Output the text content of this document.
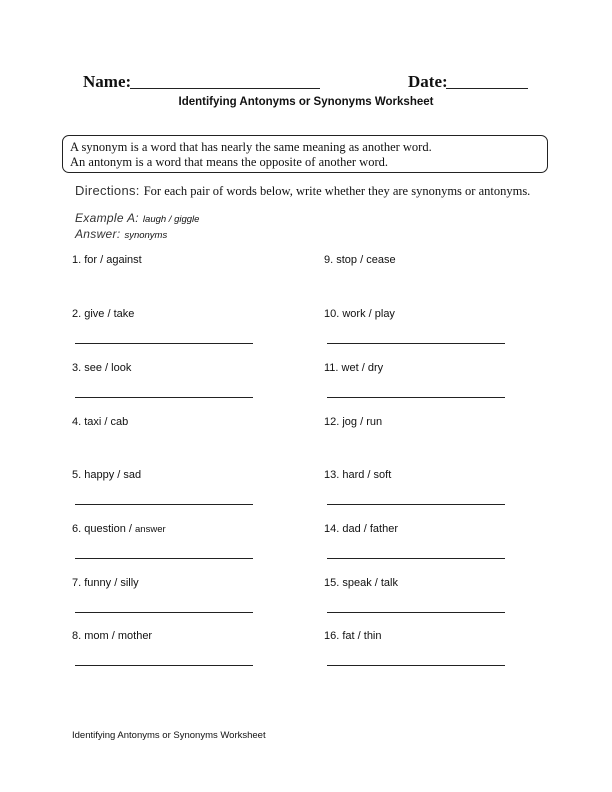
Name:	Date:
Identifying Antonyms or Synonyms Worksheet
A synonym is a word that has nearly the same meaning as another word.
An antonym is a word that means the opposite of another word.
Directions: For each pair of words below, write whether they are synonyms or antonyms.
Example A: laugh / giggle
Answer: synonyms
1. for / against
2. give / take
3. see / look
4. taxi / cab
5. happy / sad
6. question / answer
7. funny / silly
8. mom / mother
9. stop / cease
10. work / play
11. wet / dry
12. jog / run
13. hard / soft
14. dad / father
15. speak / talk
16. fat / thin
Identifying Antonyms or Synonyms Worksheet
